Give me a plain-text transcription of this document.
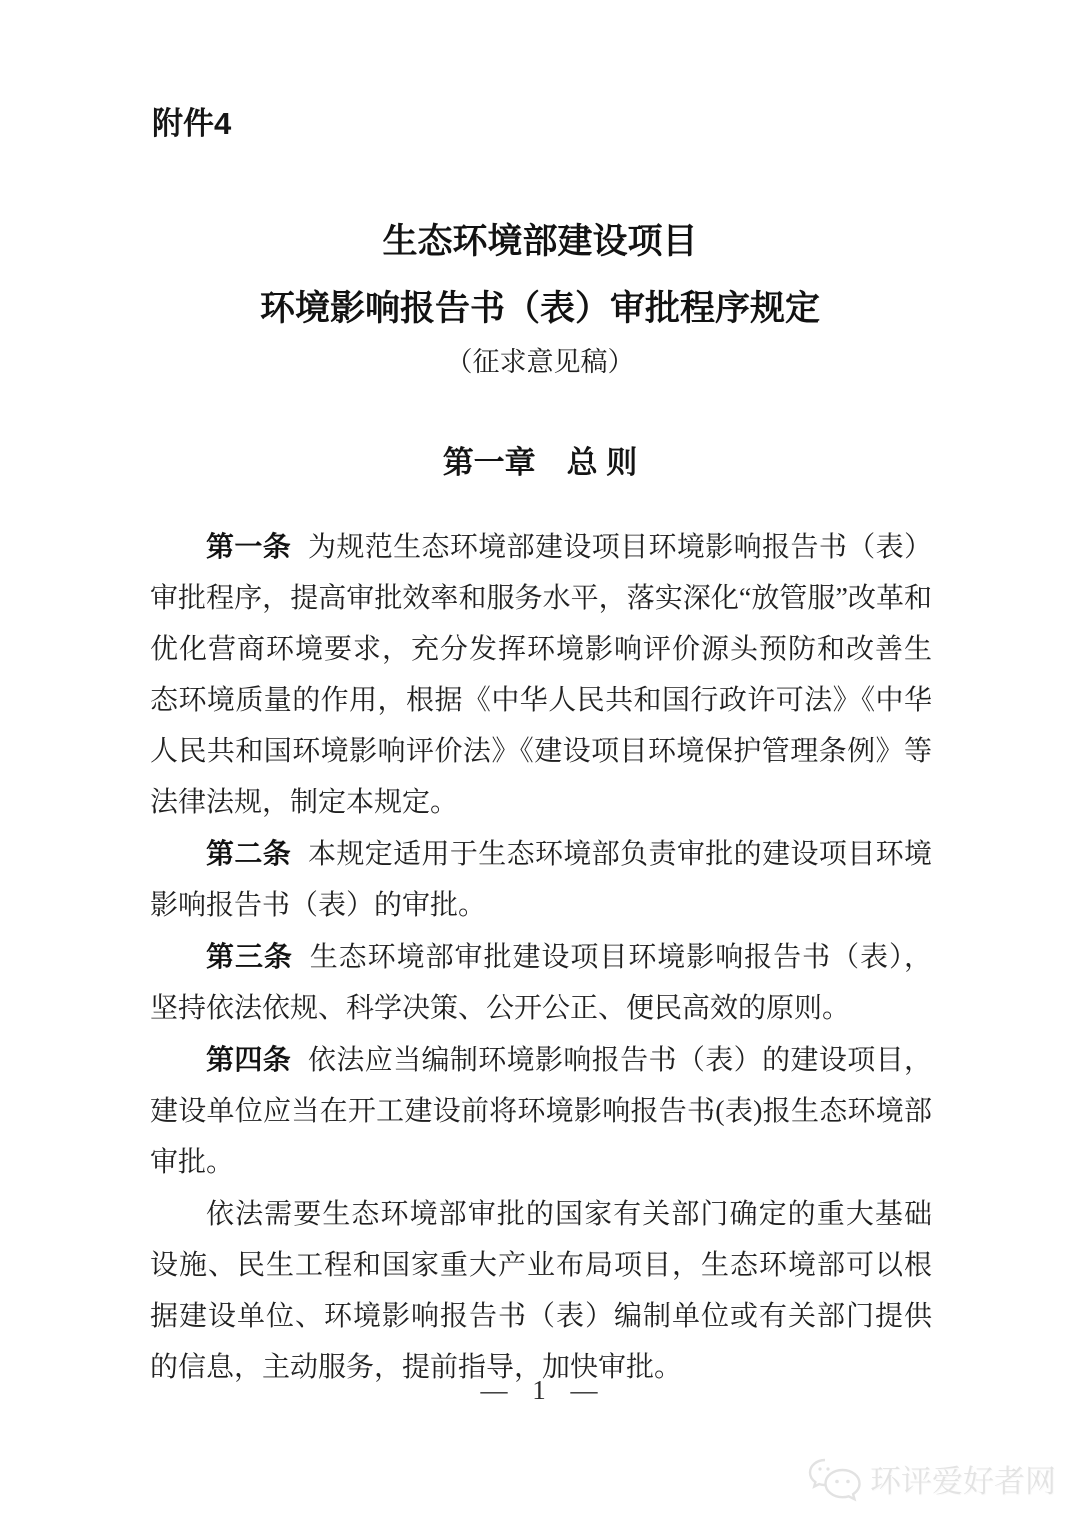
附件4
生态环境部建设项目
环境影响报告书（表）审批程序规定
（征求意见稿）
第一章　总 则

第一条 为规范生态环境部建设项目环境影响报告书（表）审批程序，提高审批效率和服务水平，落实深化“放管服”改革和优化营商环境要求，充分发挥环境影响评价源头预防和改善生态环境质量的作用，根据《中华人民共和国行政许可法》《中华人民共和国环境影响评价法》《建设项目环境保护管理条例》等法律法规，制定本规定。

第二条 本规定适用于生态环境部负责审批的建设项目环境影响报告书（表）的审批。

第三条 生态环境部审批建设项目环境影响报告书（表），坚持依法依规、科学决策、公开公正、便民高效的原则。

第四条 依法应当编制环境影响报告书（表）的建设项目，建设单位应当在开工建设前将环境影响报告书(表)报生态环境部审批。

依法需要生态环境部审批的国家有关部门确定的重大基础设施、民生工程和国家重大产业布局项目，生态环境部可以根据建设单位、环境影响报告书（表）编制单位或有关部门提供的信息，主动服务，提前指导，加快审批。

— 1 —
环评爱好者网
